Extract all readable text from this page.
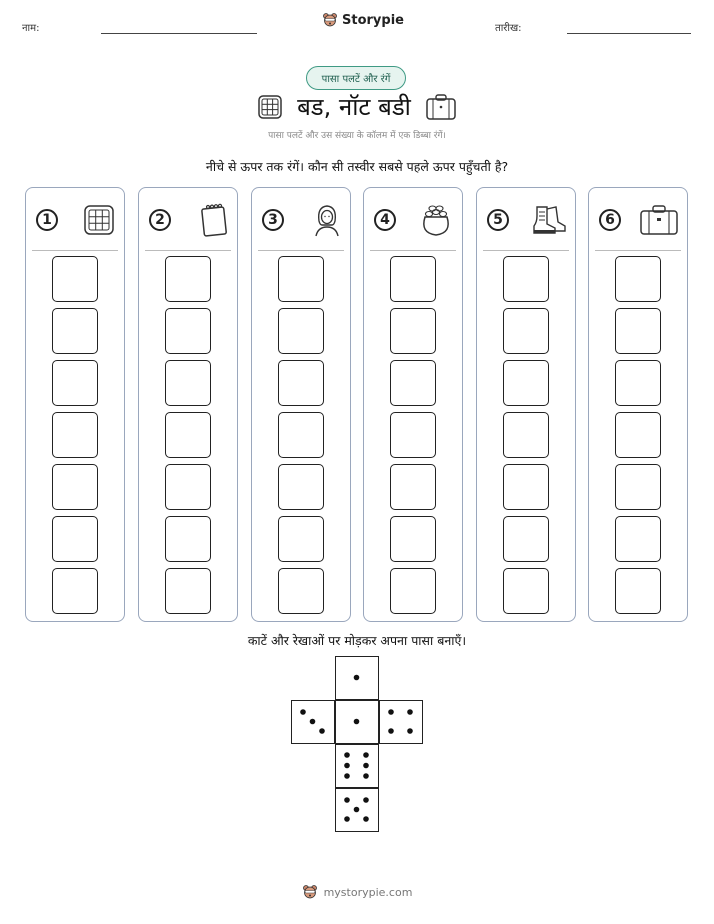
नाम:
Storypie
तारीख:
पासा पलटें और रंगें
बड, नॉट बडी
पासा पलटें और उस संख्या के कॉलम में एक डिब्बा रंगें।
नीचे से ऊपर तक रंगें। कौन सी तस्वीर सबसे पहले ऊपर पहुँचती है?
1	2	3	4	5	6
काटें और रेखाओं पर मोड़कर अपना पासा बनाएँ।
mystorypie.com
